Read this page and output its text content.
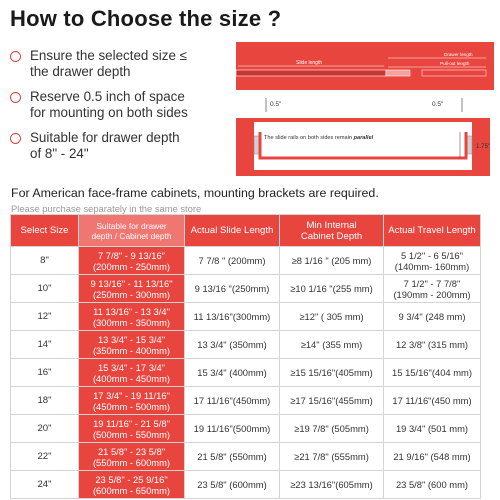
How to Choose the size ?
Ensure the selected size ≤
the drawer depth
Reserve 0.5 inch of space
for mounting on both sides
Suitable for drawer depth
of 8" - 24"
Slide length
Drawer length
Pull-out length
0.5"	0.5"
The slide rails on both sides remain parallel
1.75"
For American face-frame cabinets, mounting brackets are required.
Please purchase separately in the same store
Select Size	Suitable for drawer
depth / Cabinet depth	Actual Slide Length	Min Internal
Cabinet Depth	Actual Travel Length
8"	7 7/8" - 9 13/16"
(200mm - 250mm)	7 7/8 " (200mm)	≥8 1/16 " (205 mm)	5 1/2" - 6 5/16"
(140mm- 160mm)

10"	9 13/16" - 11 13/16"
(250mm - 300mm)	9 13/16 "(250mm)	≥10 1/16 "(255 mm)	7 1/2" - 7 7/8"
(190mm - 200mm)

12"	11 13/16" - 13 3/4"
(300mm - 350mm)	11 13/16"(300mm)	≥12" ( 305 mm)	9 3/4" (248 mm)

14"	13 3/4" - 15 3/4"
(350mm - 400mm)	13 3/4" (350mm)	≥14" (355 mm)	12 3/8" (315 mm)

16"	15 3/4" - 17 3/4"
(400mm - 450mm)	15 3/4" (400mm)	≥15 15/16"(405mm)	15 15/16"(404 mm)

18"	17 3/4" - 19 11/16"
(450mm - 500mm)	17 11/16"(450mm)	≥17 15/16"(455mm)	17 11/16"(450 mm)

20"	19 11/16" - 21 5/8"
(500mm - 550mm)	19 11/16"(500mm)	≥19 7/8" (505mm)	19 3/4" (501 mm)

22"	21 5/8" - 23 5/8"
(550mm - 600mm)	21 5/8" (550mm)	≥21 7/8" (555mm)	21 9/16" (548 mm)

24"	23 5/8" - 25 9/16"
(600mm - 650mm)	23 5/8" (600mm)	≥23 13/16"(605mm)	23 5/8" (600 mm)
